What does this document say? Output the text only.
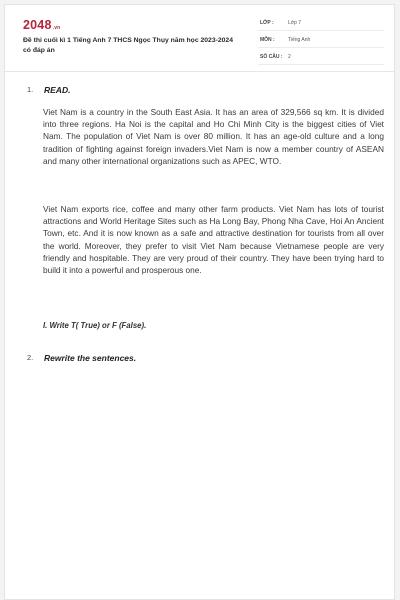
2048.vn
Đề thi cuối kì 1 Tiếng Anh 7 THCS Ngọc Thụy năm học 2023-2024 có đáp án
LỚP :	Lớp 7
MÔN :	Tiếng Anh
SỐ CÂU : 2
1. READ.

Viet Nam is a country in the South East Asia. It has an area of 329,566 sq km. It is divided into three regions. Ha Noi is the capital and Ho Chi Minh City is the biggest cities of Viet Nam. The population of Viet Nam is over 80 million. It has an age-old culture and a long tradition of fighting against foreign invaders.Viet Nam is now a member country of ASEAN and many other international organizations such as APEC, WTO.

Viet Nam exports rice, coffee and many other farm products. Viet Nam has lots of tourist attractions and World Heritage Sites such as Ha Long Bay, Phong Nha Cave, Hoi An Ancient Town, etc. And it is now known as a safe and attractive destination for tourists from all over the world. Moreover, they prefer to visit Viet Nam because Vietnamese people are very friendly and hospitable. They are very proud of their country. They have been trying hard to build it into a powerful and prosperous one.

I. Write T( True) or F (False).
2. Rewrite the sentences.
